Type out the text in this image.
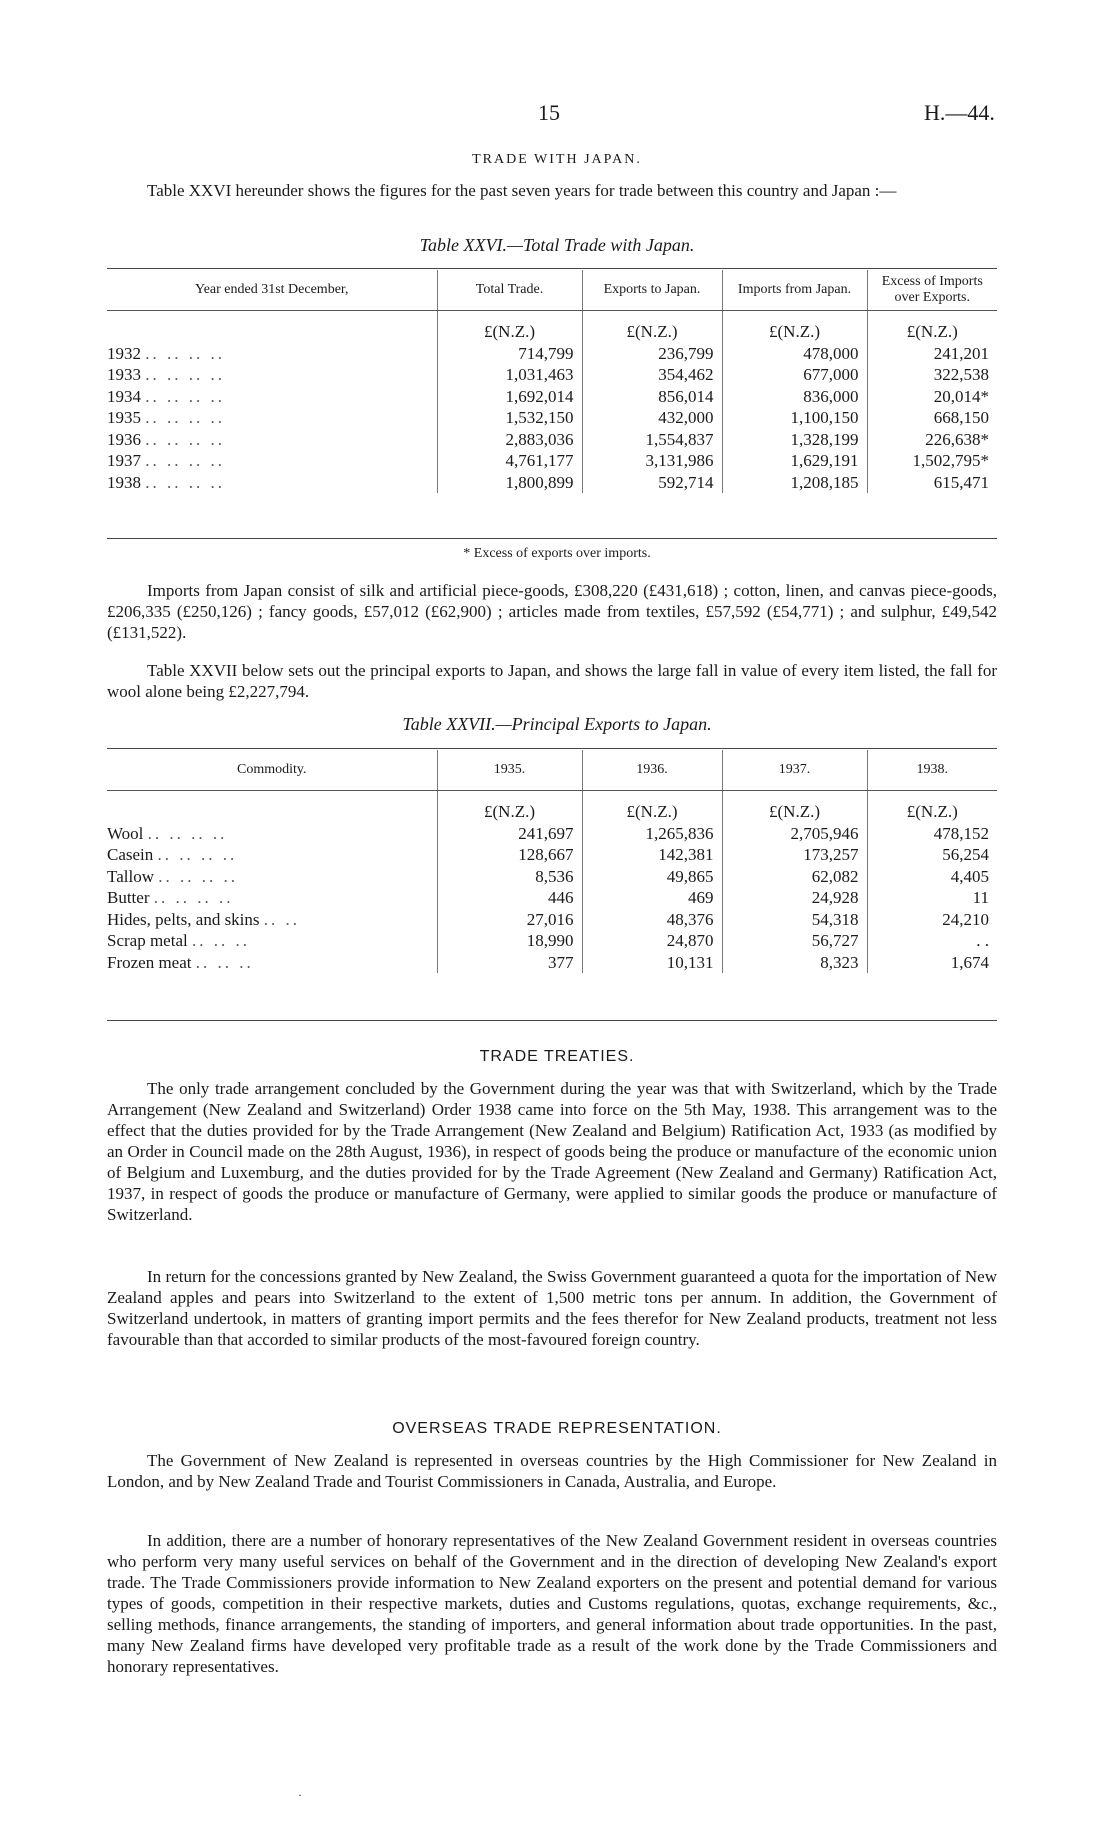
15	H.—44.
TRADE WITH JAPAN.

Table XXVI hereunder shows the figures for the past seven years for trade between this country and Japan :—

Table XXVI.—Total Trade with Japan.
Year ended 31st December,	Total Trade.	Exports to Japan.	Imports from Japan.	Excess of Imports over Exports.
	£(N.Z.)	£(N.Z.)	£(N.Z.)	£(N.Z.)
1932 .. .. .. ..	714,799	236,799	478,000	241,201
1933 .. .. .. ..	1,031,463	354,462	677,000	322,538
1934 .. .. .. ..	1,692,014	856,014	836,000	20,014*
1935 .. .. .. ..	1,532,150	432,000	1,100,150	668,150
1936 .. .. .. ..	2,883,036	1,554,837	1,328,199	226,638*
1937 .. .. .. ..	4,761,177	3,131,986	1,629,191	1,502,795*
1938 .. .. .. ..	1,800,899	592,714	1,208,185	615,471
* Excess of exports over imports.

Imports from Japan consist of silk and artificial piece-goods, £308,220 (£431,618) ; cotton, linen, and canvas piece-goods, £206,335 (£250,126) ; fancy goods, £57,012 (£62,900) ; articles made from textiles, £57,592 (£54,771) ; and sulphur, £49,542 (£131,522).

Table XXVII below sets out the principal exports to Japan, and shows the large fall in value of every item listed, the fall for wool alone being £2,227,794.

Table XXVII.—Principal Exports to Japan.
Commodity.	1935.	1936.	1937.	1938.
	£(N.Z.)	£(N.Z.)	£(N.Z.)	£(N.Z.)
Wool .. .. .. ..	241,697	1,265,836	2,705,946	478,152
Casein .. .. .. ..	128,667	142,381	173,257	56,254
Tallow .. .. .. ..	8,536	49,865	62,082	4,405
Butter .. .. .. ..	446	469	24,928	11
Hides, pelts, and skins .. ..	27,016	48,376	54,318	24,210
Scrap metal .. .. ..	18,990	24,870	56,727	. .
Frozen meat .. .. ..	377	10,131	8,323	1,674
TRADE TREATIES.

The only trade arrangement concluded by the Government during the year was that with Switzerland, which by the Trade Arrangement (New Zealand and Switzerland) Order 1938 came into force on the 5th May, 1938. This arrangement was to the effect that the duties provided for by the Trade Arrangement (New Zealand and Belgium) Ratification Act, 1933 (as modified by an Order in Council made on the 28th August, 1936), in respect of goods being the produce or manufacture of the economic union of Belgium and Luxemburg, and the duties provided for by the Trade Agreement (New Zealand and Germany) Ratification Act, 1937, in respect of goods the produce or manufacture of Germany, were applied to similar goods the produce or manufacture of Switzerland.

In return for the concessions granted by New Zealand, the Swiss Government guaranteed a quota for the importation of New Zealand apples and pears into Switzerland to the extent of 1,500 metric tons per annum. In addition, the Government of Switzerland undertook, in matters of granting import permits and the fees therefor for New Zealand products, treatment not less favourable than that accorded to similar products of the most-favoured foreign country.

OVERSEAS TRADE REPRESENTATION.

The Government of New Zealand is represented in overseas countries by the High Commissioner for New Zealand in London, and by New Zealand Trade and Tourist Commissioners in Canada, Australia, and Europe.

In addition, there are a number of honorary representatives of the New Zealand Government resident in overseas countries who perform very many useful services on behalf of the Government and in the direction of developing New Zealand's export trade. The Trade Commissioners provide information to New Zealand exporters on the present and potential demand for various types of goods, competition in their respective markets, duties and Customs regulations, quotas, exchange requirements, &c., selling methods, finance arrangements, the standing of importers, and general information about trade opportunities. In the past, many New Zealand firms have developed very profitable trade as a result of the work done by the Trade Commissioners and honorary representatives.

·
